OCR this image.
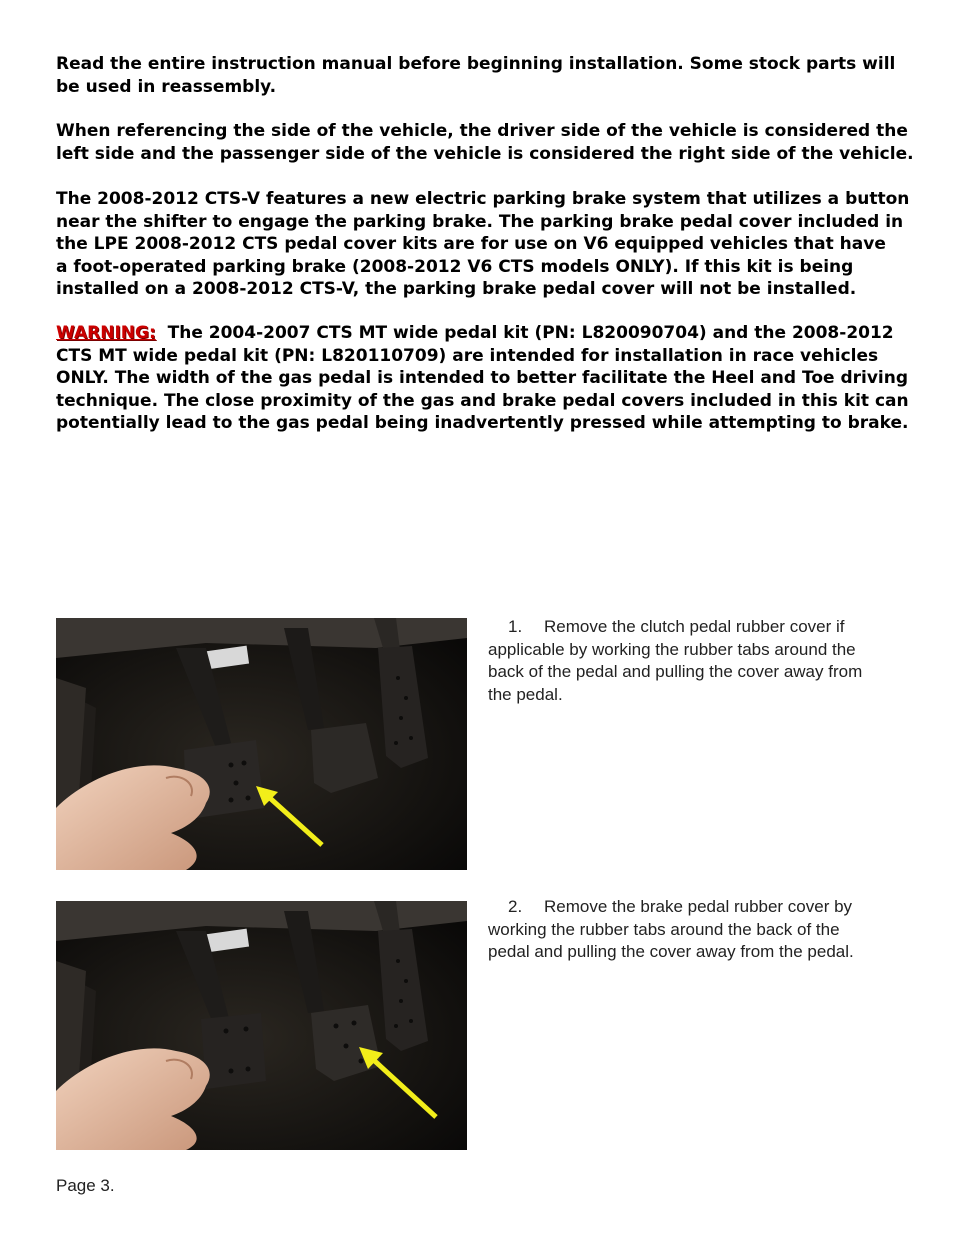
Read the entire instruction manual before beginning installation. Some stock parts will
be used in reassembly.
When referencing the side of the vehicle, the driver side of the vehicle is considered the
left side and the passenger side of the vehicle is considered the right side of the vehicle.
The 2008-2012 CTS-V features a new electric parking brake system that utilizes a button
near the shifter to engage the parking brake. The parking brake pedal cover included in
the LPE 2008-2012 CTS pedal cover kits are for use on V6 equipped vehicles that have
a foot-operated parking brake (2008-2012 V6 CTS models ONLY). If this kit is being
installed on a 2008-2012 CTS-V, the parking brake pedal cover will not be installed.
WARNING: The 2004-2007 CTS MT wide pedal kit (PN: L820090704) and the 2008-2012
CTS MT wide pedal kit (PN: L820110709) are intended for installation in race vehicles
ONLY. The width of the gas pedal is intended to better facilitate the Heel and Toe driving
technique. The close proximity of the gas and brake pedal covers included in this kit can
potentially lead to the gas pedal being inadvertently pressed while attempting to brake.
1. Remove the clutch pedal rubber cover if
applicable by working the rubber tabs around the
back of the pedal and pulling the cover away from
the pedal.
2. Remove the brake pedal rubber cover by
working the rubber tabs around the back of the
pedal and pulling the cover away from the pedal.
Page 3.
